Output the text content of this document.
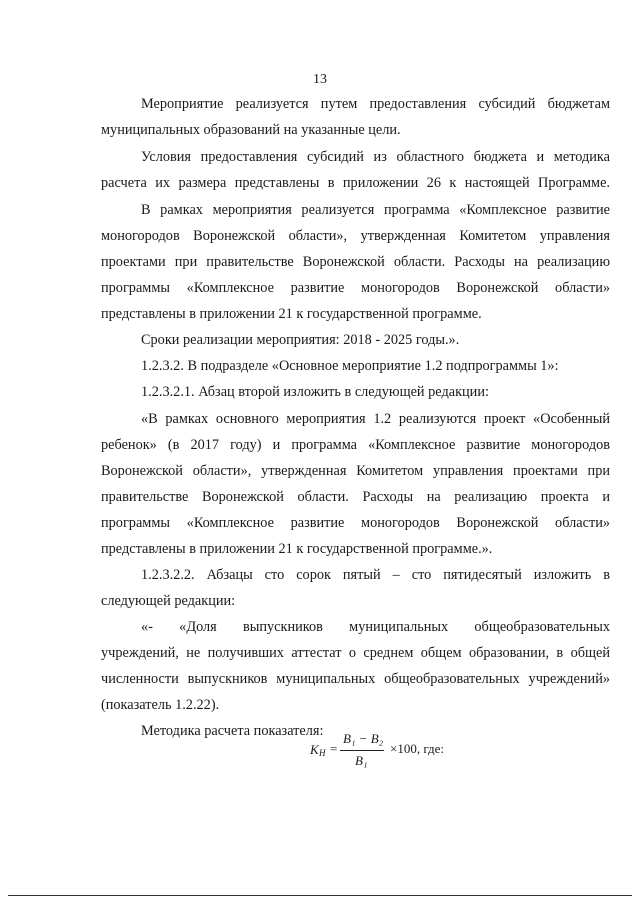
13
Мероприятие реализуется путем предоставления субсидий бюджетам
муниципальных образований на указанные цели.
Условия предоставления субсидий из областного бюджета и методика
расчета их размера представлены в приложении 26 к настоящей Программе.
В рамках мероприятия реализуется программа «Комплексное развитие
моногородов Воронежской области», утвержденная Комитетом управления
проектами при правительстве Воронежской области. Расходы на реализацию
программы «Комплексное развитие моногородов Воронежской области»
представлены в приложении 21 к государственной программе.
Сроки реализации мероприятия: 2018 - 2025 годы.».
1.2.3.2. В подразделе «Основное мероприятие 1.2 подпрограммы 1»:
1.2.3.2.1. Абзац второй изложить в следующей редакции:
«В рамках основного мероприятия 1.2 реализуются проект «Особенный
ребенок» (в 2017 году) и программа «Комплексное развитие моногородов
Воронежской области», утвержденная Комитетом управления проектами при
правительстве Воронежской области. Расходы на реализацию проекта и
программы «Комплексное развитие моногородов Воронежской области»
представлены в приложении 21 к государственной программе.».
1.2.3.2.2. Абзацы сто сорок пятый – сто пятидесятый изложить в
следующей редакции:
«- «Доля выпускников муниципальных общеобразовательных
учреждений, не получивших аттестат о среднем общем образовании, в общей
численности выпускников муниципальных общеобразовательных учреждений»
(показатель 1.2.22).
Методика расчета показателя:
K Н =
B₁ − B₂
B₁
×100, где:
